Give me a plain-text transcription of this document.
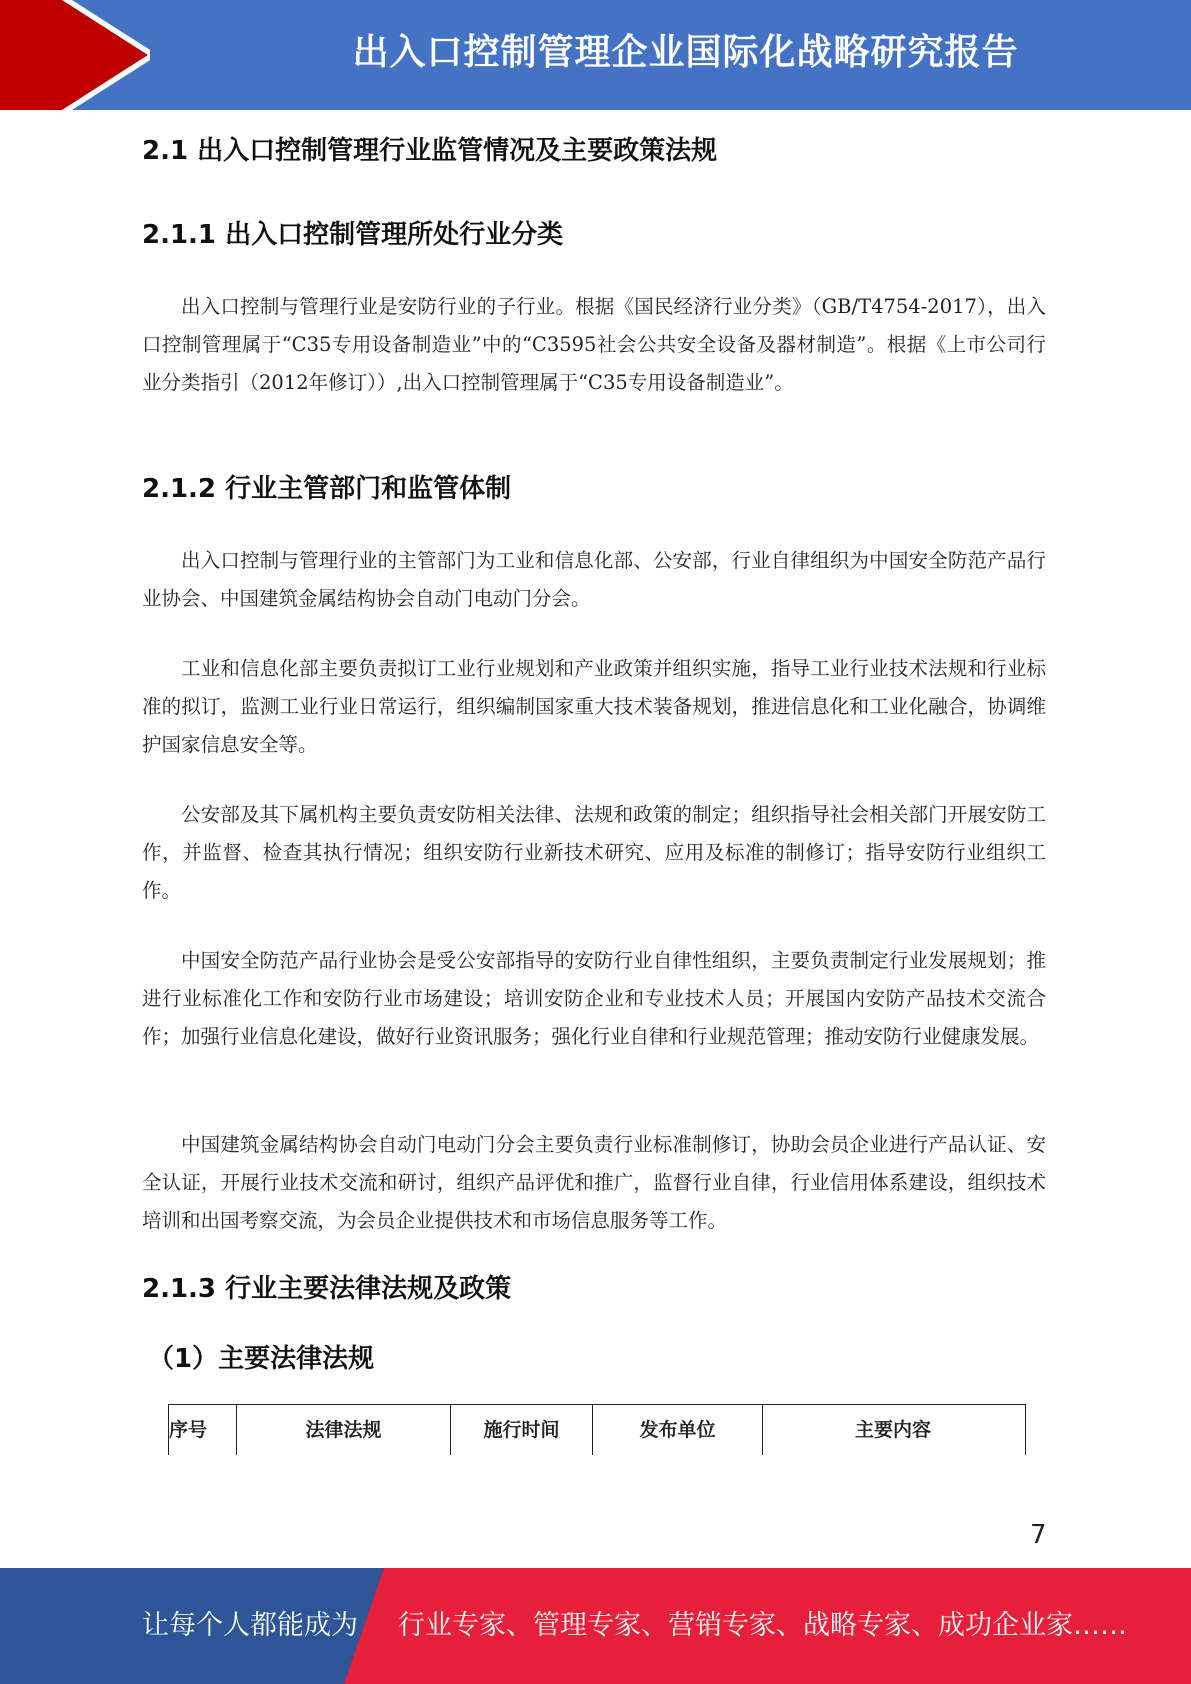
出入口控制管理企业国际化战略研究报告
2.1 出入口控制管理行业监管情况及主要政策法规
2.1.1 出入口控制管理所处行业分类

出入口控制与管理行业是安防行业的子行业。根据《国民经济行业分类》（GB/T4754-2017），出入口控制管理属于“C35专用设备制造业”中的“C3595社会公共安全设备及器材制造”。根据《上市公司行业分类指引（2012年修订））,出入口控制管理属于“C35专用设备制造业”。

2.1.2 行业主管部门和监管体制

出入口控制与管理行业的主管部门为工业和信息化部、公安部，行业自律组织为中国安全防范产品行业协会、中国建筑金属结构协会自动门电动门分会。

工业和信息化部主要负责拟订工业行业规划和产业政策并组织实施，指导工业行业技术法规和行业标准的拟订，监测工业行业日常运行，组织编制国家重大技术装备规划，推进信息化和工业化融合，协调维护国家信息安全等。

公安部及其下属机构主要负责安防相关法律、法规和政策的制定；组织指导社会相关部门开展安防工作，并监督、检查其执行情况；组织安防行业新技术研究、应用及标准的制修订；指导安防行业组织工作。

中国安全防范产品行业协会是受公安部指导的安防行业自律性组织，主要负责制定行业发展规划；推进行业标准化工作和安防行业市场建设；培训安防企业和专业技术人员；开展国内安防产品技术交流合作；加强行业信息化建设，做好行业资讯服务；强化行业自律和行业规范管理；推动安防行业健康发展。

中国建筑金属结构协会自动门电动门分会主要负责行业标准制修订，协助会员企业进行产品认证、安全认证，开展行业技术交流和研讨，组织产品评优和推广，监督行业自律，行业信用体系建设，组织技术培训和出国考察交流，为会员企业提供技术和市场信息服务等工作。

2.1.3 行业主要法律法规及政策
（1）主要法律法规
序号	法律法规	施行时间	发布单位	主要内容
7
让每个人都能成为 行业专家、管理专家、营销专家、战略专家、成功企业家……
